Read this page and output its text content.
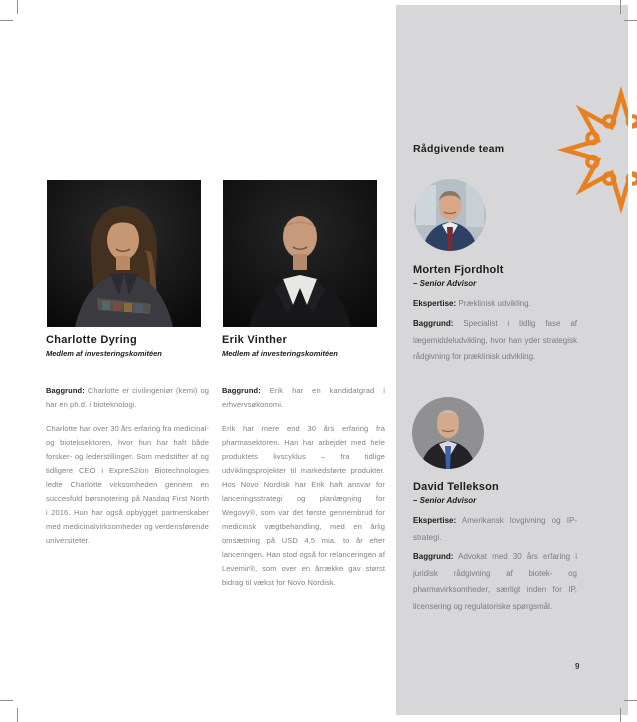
Charlotte Dyring
Medlem af investeringskomitéen

Baggrund: Charlotte er civilingeniør (kemi) og har en ph.d. i bioteknologi.

Charlotte har over 30 års erfaring fra medicinal- og bioteksektoren, hvor hun har haft både forsker- og lederstillinger. Som medstifter af og tidligere CEO i ExpreS2ion Biotechnologies ledte Charlotte virksomheden gennem en succesfuld børsnotering på Nasdaq First North i 2016. Hun har også opbygget partnerskaber med medicinalvirksomheder og verdensførende universiteter.

Erik Vinther
Medlem af investeringskomitéen

Baggrund: Erik har en kandidatgrad i erhvervsøkonomi.

Erik har mere end 30 års erfaring fra pharmasektoren. Han har arbejdet med hele produktets livscyklus – fra tidlige udviklingsprojekter til markedsførte produkter. Hos Novo Nordisk har Erik haft ansvar for lanceringsstrategi og planlægning for Wegovy®, som var det første gennembrud for medicinsk vægtbehandling, med en årlig omsætning på USD 4,5 mia. to år efter lanceringen. Han stod også for relanceringen af Levemir®, som over en årrække gav størst bidrag til vækst for Novo Nordisk.

Rådgivende team
Morten Fjordholt
– Senior Advisor

Ekspertise: Præklinisk udvikling.

Baggrund: Specialist i tidlig fase af lægemiddeludvikling, hvor han yder strategisk rådgivning for præklinisk udvikling.

David Tellekson
– Senior Advisor

Ekspertise: Amerikansk lovgivning og IP-strategi.

Baggrund: Advokat med 30 års erfaring i juridisk rådgivning af biotek- og pharmavirksomheder, særligt inden for IP, licensering og regulatoriske spørgsmål.

9
